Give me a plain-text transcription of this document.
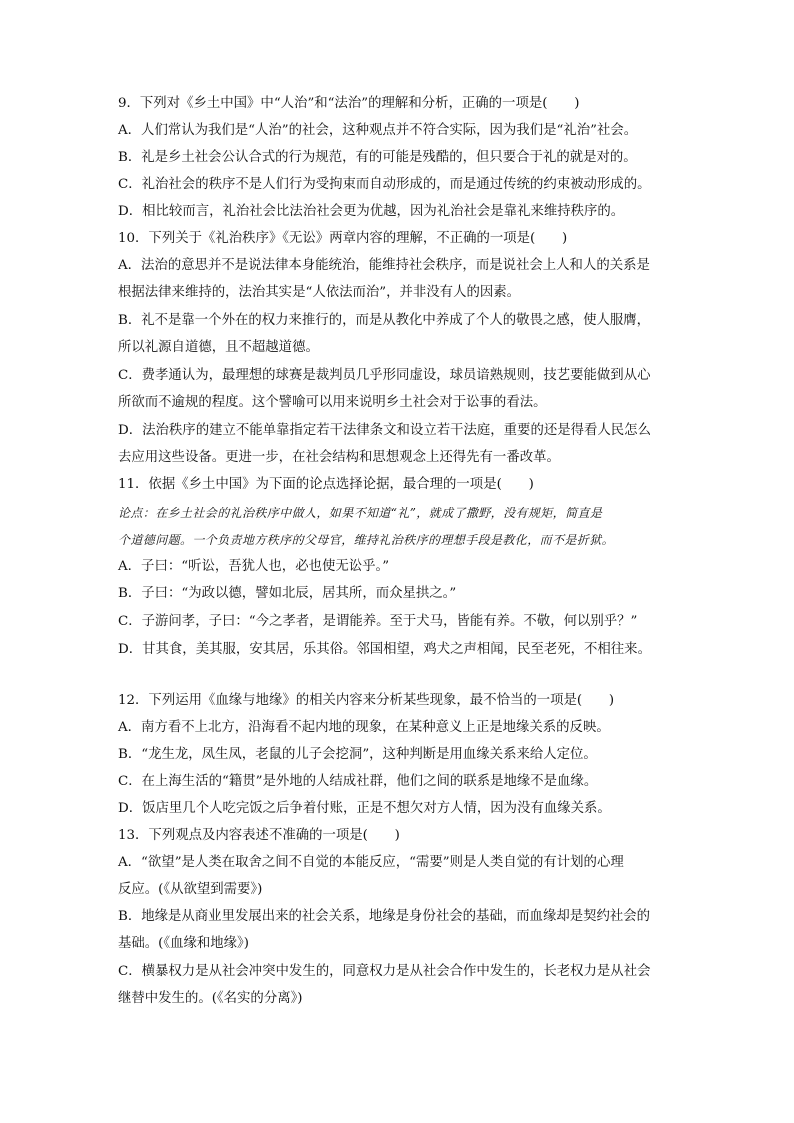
9．下列对《乡土中国》中“人治”和“法治”的理解和分析，正确的一项是(　　)
A．人们常认为我们是“人治”的社会，这种观点并不符合实际，因为我们是“礼治”社会。
B．礼是乡土社会公认合式的行为规范，有的可能是残酷的，但只要合于礼的就是对的。
C．礼治社会的秩序不是人们行为受拘束而自动形成的，而是通过传统的约束被动形成的。
D．相比较而言，礼治社会比法治社会更为优越，因为礼治社会是靠礼来维持秩序的。
10．下列关于《礼治秩序》《无讼》两章内容的理解，不正确的一项是(　　)
A．法治的意思并不是说法律本身能统治，能维持社会秩序，而是说社会上人和人的关系是
根据法律来维持的，法治其实是“人依法而治”，并非没有人的因素。
B．礼不是靠一个外在的权力来推行的，而是从教化中养成了个人的敬畏之感，使人服膺，
所以礼源自道德，且不超越道德。
C．费孝通认为，最理想的球赛是裁判员几乎形同虚设，球员谙熟规则，技艺要能做到从心
所欲而不逾规的程度。这个譬喻可以用来说明乡土社会对于讼事的看法。
D．法治秩序的建立不能单靠指定若干法律条文和设立若干法庭，重要的还是得看人民怎么
去应用这些设备。更进一步，在社会结构和思想观念上还得先有一番改革。
11．依据《乡土中国》为下面的论点选择论据，最合理的一项是(　　)
论点：在乡土社会的礼治秩序中做人，如果不知道“礼”，就成了撒野，没有规矩，简直是
个道德问题。一个负责地方秩序的父母官，维持礼治秩序的理想手段是教化，而不是折狱。
A．子曰：“听讼，吾犹人也，必也使无讼乎。”
B．子曰：“为政以德，譬如北辰，居其所，而众星拱之。”
C．子游问孝，子曰：“今之孝者，是谓能养。至于犬马，皆能有养。不敬，何以别乎？”
D．甘其食，美其服，安其居，乐其俗。邻国相望，鸡犬之声相闻，民至老死，不相往来。
12．下列运用《血缘与地缘》的相关内容来分析某些现象，最不恰当的一项是(　　)
A．南方看不上北方，沿海看不起内地的现象，在某种意义上正是地缘关系的反映。
B．“龙生龙，凤生凤，老鼠的儿子会挖洞”，这种判断是用血缘关系来给人定位。
C．在上海生活的“籍贯”是外地的人结成社群，他们之间的联系是地缘不是血缘。
D．饭店里几个人吃完饭之后争着付账，正是不想欠对方人情，因为没有血缘关系。
13．下列观点及内容表述不准确的一项是(　　)
A．“欲望”是人类在取舍之间不自觉的本能反应，“需要”则是人类自觉的有计划的心理
反应。(《从欲望到需要》)
B．地缘是从商业里发展出来的社会关系，地缘是身份社会的基础，而血缘却是契约社会的
基础。(《血缘和地缘》)
C．横暴权力是从社会冲突中发生的，同意权力是从社会合作中发生的，长老权力是从社会
继替中发生的。(《名实的分离》)
